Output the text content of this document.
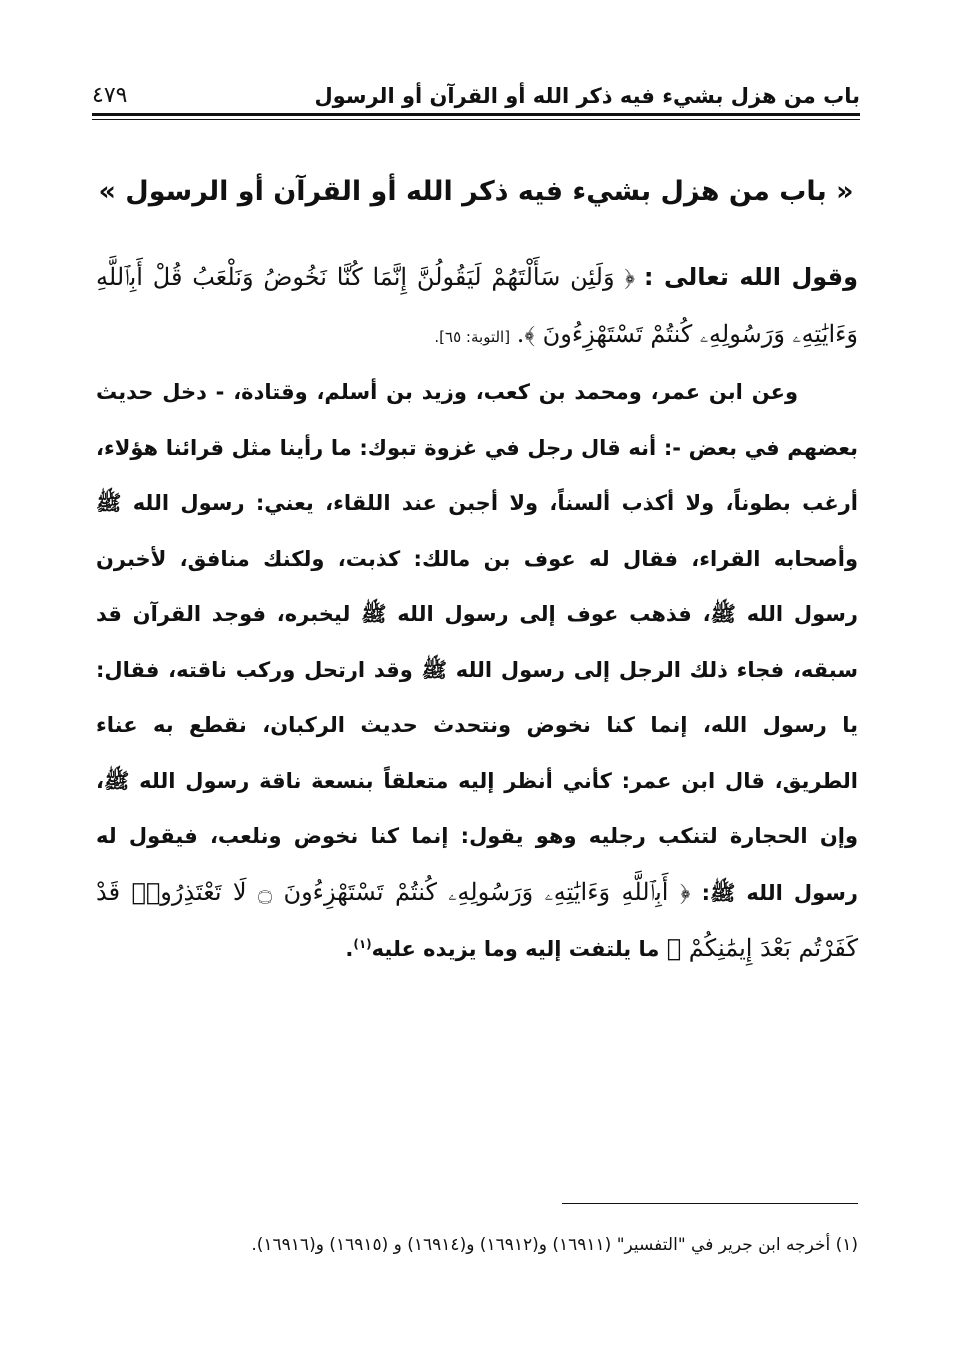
باب من هزل بشيء فيه ذكر الله أو القرآن أو الرسول
٤٧٩
« باب من هزل بشيء فيه ذكر الله أو القرآن أو الرسول »

وقول الله تعالى : ﴿ وَلَئِن سَأَلْتَهُمْ لَيَقُولُنَّ إِنَّمَا كُنَّا نَخُوضُ وَنَلْعَبُ قُلْ أَبِٱللَّهِ وَءَايَٰتِهِۦ وَرَسُولِهِۦ كُنتُمْ تَسْتَهْزِءُونَ ﴾. [التوبة: ٦٥].

وعن ابن عمر، ومحمد بن كعب، وزيد بن أسلم، وقتادة، - دخل حديث بعضهم في بعض -: أنه قال رجل في غزوة تبوك: ما رأينا مثل قرائنا هؤلاء، أرغب بطوناً، ولا أكذب ألسناً، ولا أجبن عند اللقاء، يعني: رسول الله ﷺ وأصحابه القراء، فقال له عوف بن مالك: كذبت، ولكنك منافق، لأخبرن رسول الله ﷺ، فذهب عوف إلى رسول الله ﷺ ليخبره، فوجد القرآن قد سبقه، فجاء ذلك الرجل إلى رسول الله ﷺ وقد ارتحل وركب ناقته، فقال: يا رسول الله، إنما كنا نخوض ونتحدث حديث الركبان، نقطع به عناء الطريق، قال ابن عمر: كأني أنظر إليه متعلقاً بنسعة ناقة رسول الله ﷺ، وإن الحجارة لتنكب رجليه وهو يقول: إنما كنا نخوض ونلعب، فيقول له رسول الله ﷺ: ﴿ أَبِٱللَّهِ وَءَايَٰتِهِۦ وَرَسُولِهِۦ كُنتُمْ تَسْتَهْزِءُونَ ۝ لَا تَعْتَذِرُوا۟ قَدْ كَفَرْتُم بَعْدَ إِيمَٰنِكُمْ ﴾ ما يلتفت إليه وما يزيده عليه$^{(١)}$.

(١) أخرجه ابن جرير في "التفسير" (١٦٩١١) و(١٦٩١٢) و(١٦٩١٤) و (١٦٩١٥) و(١٦٩١٦).
